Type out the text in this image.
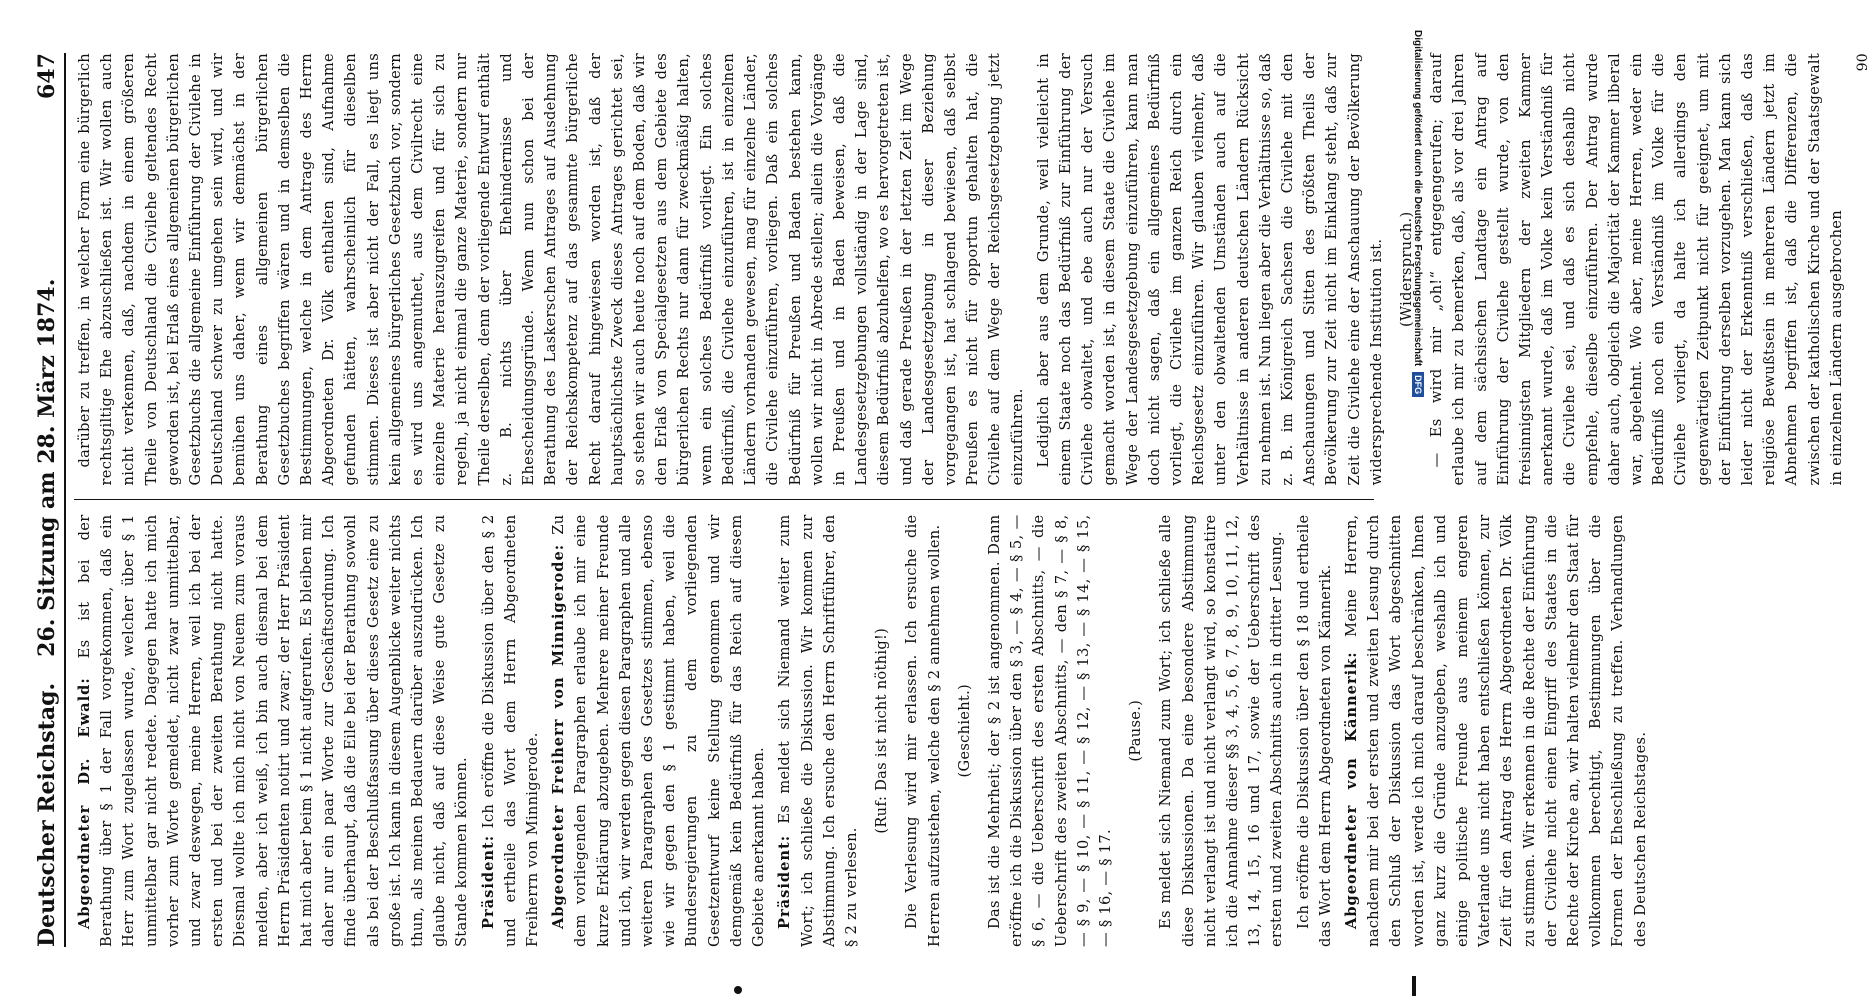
Deutscher Reichstag.
26. Sitzung am 28. März 1874.
647

Abgeordneter Dr. Ewald: Es ist bei der Berathung über § 1 der Fall vorgekommen, daß ein Herr zum Wort zugelassen wurde, welcher über § 1 unmittelbar gar nicht redete. Dagegen hatte ich mich vorher zum Worte gemeldet, nicht zwar unmittelbar, und zwar deswegen, meine Herren, weil ich bei der ersten und bei der zweiten Berathung nicht hatte. Diesmal wollte ich mich nicht von Neuem zum voraus melden, aber ich weiß, ich bin auch diesmal bei dem Herrn Präsidenten notirt und zwar; der Herr Präsident hat mich aber beim § 1 nicht aufgerufen. Es bleiben mir daher nur ein paar Worte zur Geschäftsordnung. Ich finde überhaupt, daß die Eile bei der Berathung sowohl als bei der Beschlußfassung über dieses Gesetz eine zu große ist. Ich kann in diesem Augenblicke weiter nichts thun, als meinen Bedauern darüber auszudrücken. Ich glaube nicht, daß auf diese Weise gute Gesetze zu Stande kommen können. Präsident: Ich eröffne die Diskussion über den § 2 und ertheile das Wort dem Herrn Abgeordneten Freiherrn von Minnigerode. Abgeordneter Freiherr von Minnigerode: Zu dem vorliegenden Paragraphen erlaube ich mir eine kurze Erklärung abzugeben. Mehrere meiner Freunde und ich, wir werden gegen diesen Paragraphen und alle weiteren Paragraphen des Gesetzes stimmen, ebenso wie wir gegen den § 1 gestimmt haben, weil die Bundesregierungen zu dem vorliegenden Gesetzentwurf keine Stellung genommen und wir demgemäß kein Bedürfniß für das Reich auf diesem Gebiete anerkannt haben. Präsident: Es meldet sich Niemand weiter zum Wort; ich schließe die Diskussion. Wir kommen zur Abstimmung. Ich ersuche den Herrn Schriftführer, den § 2 zu verlesen.

(Ruf: Das ist nicht nöthig!) Die Verlesung wird mir erlassen. Ich ersuche die Herren aufzustehen, welche den § 2 annehmen wollen. (Geschieht.) Das ist die Mehrheit; der § 2 ist angenommen. Dann eröffne ich die Diskussion über den § 3, — § 4, — § 5, — § 6, — die Ueberschrift des ersten Abschnitts, — die Ueberschrift des zweiten Abschnitts, — den § 7, — § 8, — § 9, — § 10, — § 11, — § 12, — § 13, — § 14, — § 15, — § 16, — § 17.

(Pause.) Es meldet sich Niemand zum Wort; ich schließe alle diese Diskussionen. Da eine besondere Abstimmung nicht verlangt ist und nicht verlangt wird, so konstatire ich die Annahme dieser §§ 3, 4, 5, 6, 7, 8, 9, 10, 11, 12, 13, 14, 15, 16 und 17, sowie der Ueberschrift des ersten und zweiten Abschnitts auch in dritter Lesung. Ich eröffne die Diskussion über den § 18 und ertheile das Wort dem Herrn Abgeordneten von Kännerik. Abgeordneter von Kännerik: Meine Herren, nachdem mir bei der ersten und zweiten Lesung durch den Schluß der Diskussion das Wort abgeschnitten worden ist, werde ich mich darauf beschränken, Ihnen ganz kurz die Gründe anzugeben, weshalb ich und einige politische Freunde aus meinem engeren Vaterlande uns nicht haben entschließen können, zur Zeit für den Antrag des Herrn Abgeordneten Dr. Völk zu stimmen. Wir erkennen in die Rechte der Einführung der Civilehe nicht einen Eingriff des Staates in die Rechte der Kirche an, wir halten vielmehr den Staat für vollkommen berechtigt, Bestimmungen über die Formen der Eheschließung zu treffen. Verhandlungen des Deutschen Reichstages.

darüber zu treffen, in welcher Form eine bürgerlich rechtsgiltige Ehe abzuschließen ist. Wir wollen auch nicht verkennen, daß, nachdem in einem größeren Theile von Deutschland die Civilehe geltendes Recht geworden ist, bei Erlaß eines allgemeinen bürgerlichen Gesetzbuchs die allgemeine Einführung der Civilehe in Deutschland schwer zu umgehen sein wird, und wir bemühen uns daher, wenn wir demnächst in der Berathung eines allgemeinen bürgerlichen Gesetzbuches begriffen wären und in demselben die Bestimmungen, welche in dem Antrage des Herrn Abgeordneten Dr. Völk enthalten sind, Aufnahme gefunden hätten, wahrscheinlich für dieselben stimmen. Dieses ist aber nicht der Fall, es liegt uns kein allgemeines bürgerliches Gesetzbuch vor, sondern es wird uns angemuthet, aus dem Civilrecht eine einzelne Materie herauszugreifen und für sich zu regeln, ja nicht einmal die ganze Materie, sondern nur Theile derselben, denn der vorliegende Entwurf enthält z. B. nichts über Ehehindernisse und Ehescheidungsgründe. Wenn nun schon bei der Berathung des Laskerschen Antrages auf Ausdehnung der Reichskompetenz auf das gesammte bürgerliche Recht darauf hingewiesen worden ist, daß der hauptsächlichste Zweck dieses Antrages gerichtet sei, so stehen wir auch heute noch auf dem Boden, daß wir den Erlaß von Specialgesetzen aus dem Gebiete des bürgerlichen Rechts nur dann für zweckmäßig halten, wenn ein solches Bedürfniß vorliegt. Ein solches Bedürfniß, die Civilehe einzuführen, ist in einzelnen Ländern vorhanden gewesen, mag für einzelne Länder, die Civilehe einzuführen, vorliegen. Daß ein solches Bedürfniß für Preußen und Baden bestehen kann, wollen wir nicht in Abrede stellen; allein die Vorgänge in Preußen und in Baden beweisen, daß die Landesgesetzgebungen vollständig in der Lage sind, diesem Bedürfniß abzuhelfen, wo es hervorgetreten ist, und daß gerade Preußen in der letzten Zeit im Wege der Landesgesetzgebung in dieser Beziehung vorgegangen ist, hat schlagend bewiesen, daß selbst Preußen es nicht für opportun gehalten hat, die Civilehe auf dem Wege der Reichsgesetzgebung jetzt einzuführen. Lediglich aber aus dem Grunde, weil vielleicht in einem Staate noch das Bedürfniß zur Einführung der Civilehe obwaltet, und ebe auch nur der Versuch gemacht worden ist, in diesem Staate die Civilehe im Wege der Landesgesetzgebung einzuführen, kann man doch nicht sagen, daß ein allgemeines Bedürfniß vorliegt, die Civilehe im ganzen Reich durch ein Reichsgesetz einzuführen. Wir glauben vielmehr, daß unter den obwaltenden Umständen auch auf die Verhältnisse in anderen deutschen Ländern Rücksicht zu nehmen ist. Nun liegen aber die Verhältnisse so, daß z. B. im Königreich Sachsen die Civilehe mit den Anschauungen und Sitten des größten Theils der Bevölkerung zur Zeit nicht im Einklang steht, daß zur Zeit die Civilehe eine der Anschauung der Bevölkerung widersprechende Institution ist. (Widerspruch.) — Es wird mir „oh!“ entgegengerufen; darauf erlaube ich mir zu bemerken, daß, als vor drei Jahren auf dem sächsischen Landtage ein Antrag auf Einführung der Civilehe gestellt wurde, von den freisinnigsten Mitgliedern der zweiten Kammer anerkannt wurde, daß im Volke kein Verständniß für die Civilehe sei, und daß es sich deshalb nicht empfehle, dieselbe einzuführen. Der Antrag wurde daher auch, obgleich die Majorität der Kammer liberal war, abgelehnt. Wo aber, meine Herren, weder ein Bedürfniß noch ein Verständniß im Volke für die Civilehe vorliegt, da halte ich allerdings den gegenwärtigen Zeitpunkt nicht für geeignet, um mit der Einführung derselben vorzugehen. Man kann sich leider nicht der Erkenntniß verschließen, daß das religiöse Bewußtsein in mehreren Ländern jetzt im Abnehmen begriffen ist, daß die Differenzen, die zwischen der katholischen Kirche und der Staatsgewalt in einzelnen Ländern ausgebrochen

90

Digitalisierung gefördert durch die Deutsche Forschungsgemeinschaft
DFG
